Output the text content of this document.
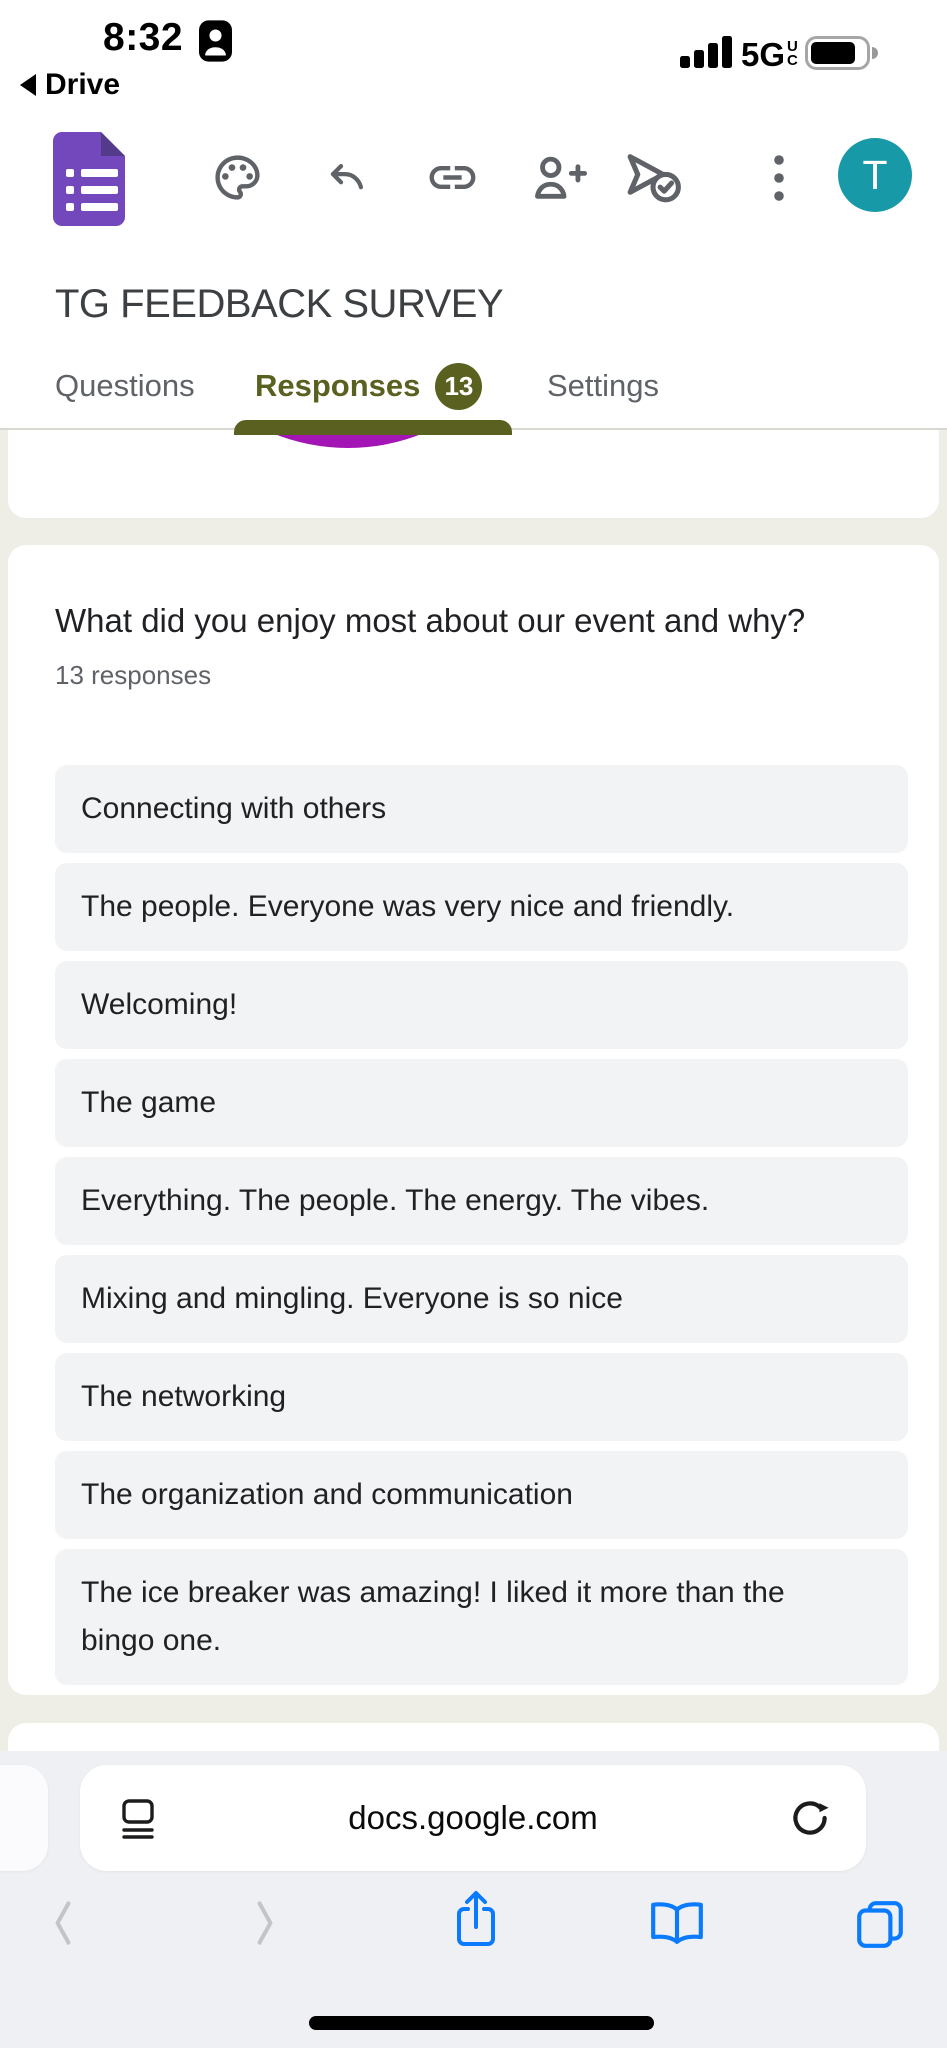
8:32
Drive
5G U
C
T
TG FEEDBACK SURVEY
Questions Responses 13 Settings
What did you enjoy most about our event and why?
13 responses
Connecting with others
The people. Everyone was very nice and friendly.
Welcoming!
The game
Everything. The people. The energy. The vibes.
Mixing and mingling. Everyone is so nice
The networking
The organization and communication
The ice breaker was amazing! I liked it more than the bingo one.
docs.google.com
